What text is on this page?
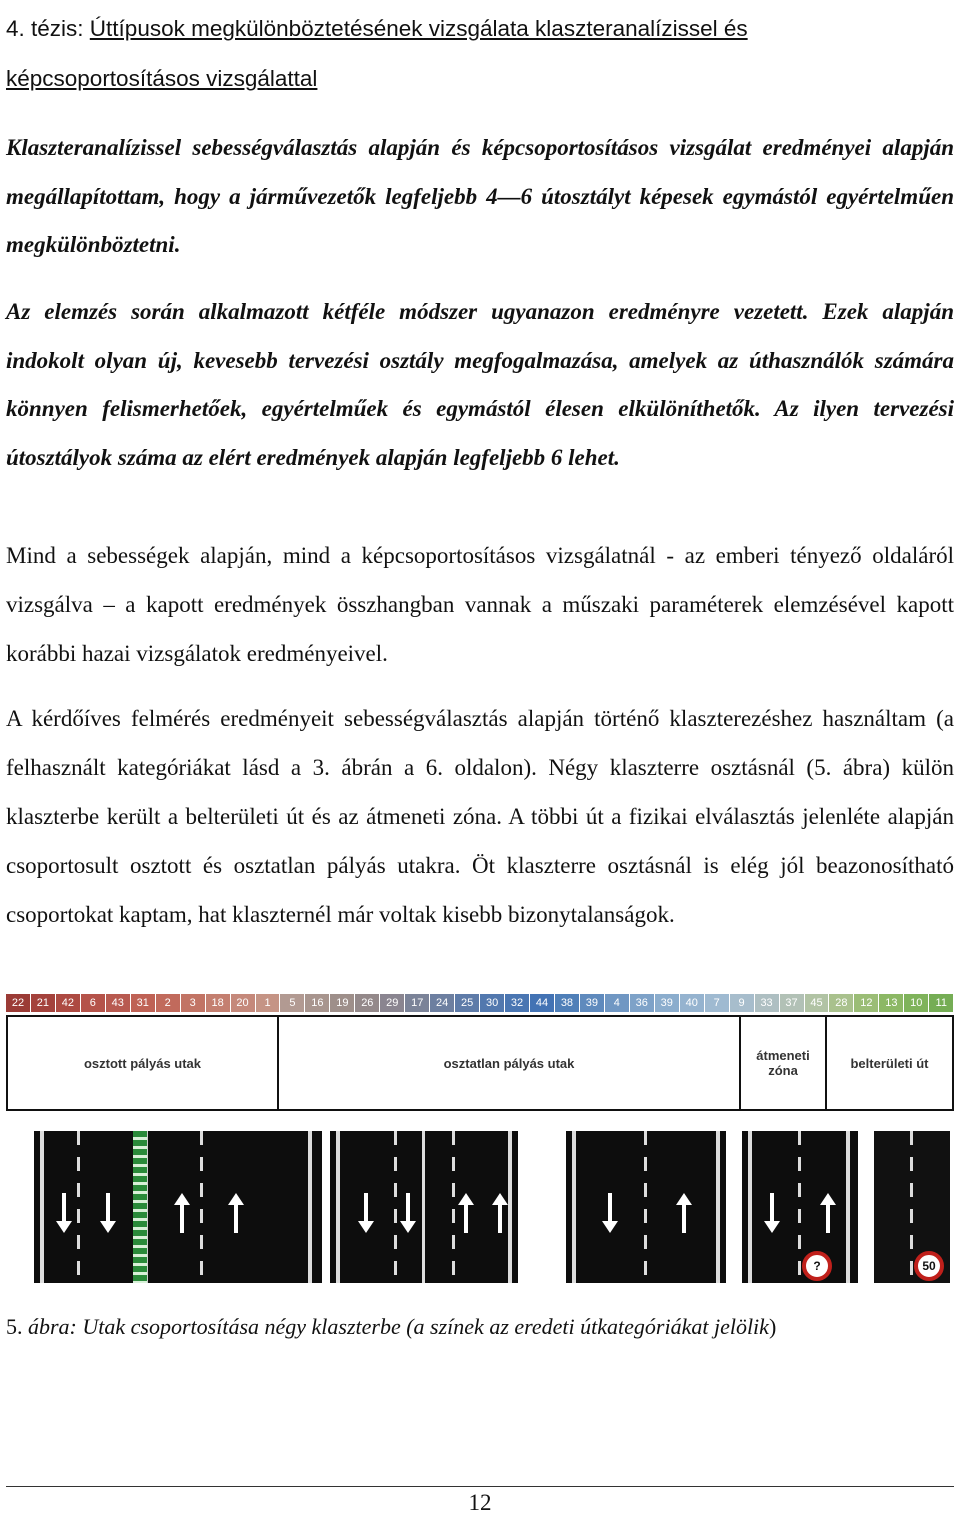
4. tézis: Úttípusok megkülönböztetésének vizsgálata klaszteranalízissel és
képcsoportosításos vizsgálattal
Klaszteranalízissel sebességválasztás alapján és képcsoportosításos vizsgálat eredményei alapján megállapítottam, hogy a járművezetők legfeljebb 4—6 útosztályt képesek egymástól egyértelműen megkülönböztetni.
Az elemzés során alkalmazott kétféle módszer ugyanazon eredményre vezetett. Ezek alapján indokolt olyan új, kevesebb tervezési osztály megfogalmazása, amelyek az úthasználók számára könnyen felismerhetőek, egyértelműek és egymástól élesen elkülöníthetők. Az ilyen tervezési útosztályok száma az elért eredmények alapján legfeljebb 6 lehet.
Mind a sebességek alapján, mind a képcsoportosításos vizsgálatnál - az emberi tényező oldaláról vizsgálva – a kapott eredmények összhangban vannak a műszaki paraméterek elemzésével kapott korábbi hazai vizsgálatok eredményeivel.
A kérdőíves felmérés eredményeit sebességválasztás alapján történő klaszterezéshez használtam (a felhasznált kategóriákat lásd a 3. ábrán a 6. oldalon). Négy klaszterre osztásnál (5. ábra) külön klaszterbe került a belterületi út és az átmeneti zóna. A többi út a fizikai elválasztás jelenléte alapján csoportosult osztott és osztatlan pályás utakra. Öt klaszterre osztásnál is elég jól beazonosítható csoportokat kaptam, hat klaszternél már voltak kisebb bizonytalanságok.
22	21	42	6	43	31	2	3	18	20	1	5	16	19	26	29	17	24	25	30	32	44	38	39	4	36	39	40	7	9	33	37	45	28	12	13	10	11
osztott pályás utak	osztatlan pályás utak	átmeneti zóna	belterületi út
?	50
5. ábra: Utak csoportosítása négy klaszterbe (a színek az eredeti útkategóriákat jelölik)
12
